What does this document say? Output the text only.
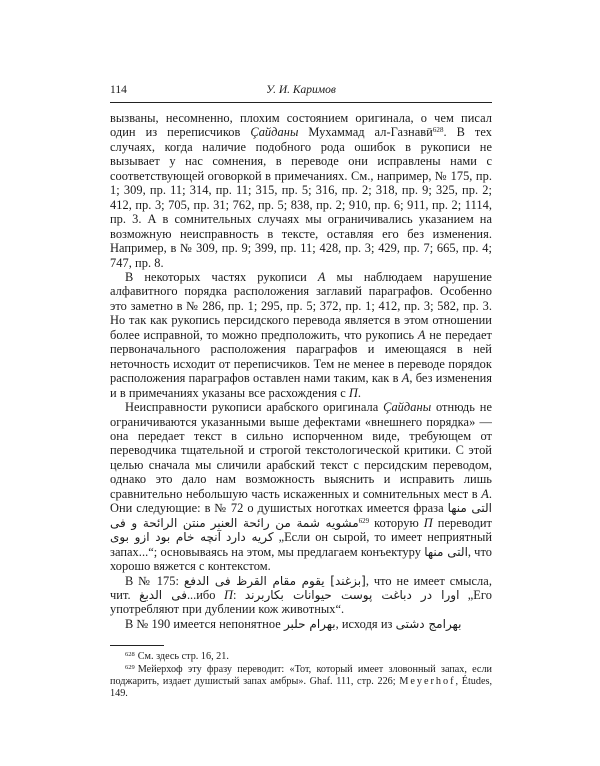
114	У. И. Каримов

вызваны, несомненно, плохим состоянием оригинала, о чем писал один из переписчиков Çайданы Мухаммад ал-Газнавӣ$^{628}$. В тех случаях, когда наличие подобного рода ошибок в рукописи не вызывает у нас сомнения, в переводе они исправлены нами с соответствующей оговоркой в примечаниях. См., например, № 175, пр. 1; 309, пр. 11; 314, пр. 11; 315, пр. 5; 316, пр. 2; 318, пр. 9; 325, пр. 2; 412, пр. 3; 705, пр. 31; 762, пр. 5; 838, пр. 2; 910, пр. 6; 911, пр. 2; 1114, пр. 3. А в сомнительных случаях мы ограничивались указанием на возможную неисправность в тексте, оставляя его без изменения. Например, в № 309, пр. 9; 399, пр. 11; 428, пр. 3; 429, пр. 7; 665, пр. 4; 747, пр. 8.

В некоторых частях рукописи А мы наблюдаем нарушение алфавитного порядка расположения заглавий параграфов. Особенно это заметно в № 286, пр. 1; 295, пр. 5; 372, пр. 1; 412, пр. 3; 582, пр. 3. Но так как рукопись персидского перевода является в этом отношении более исправной, то можно предположить, что рукопись А не передает первоначального расположения параграфов и имеющаяся в ней неточность исходит от переписчиков. Тем не менее в переводе порядок расположения параграфов оставлен нами таким, как в А, без изменения и в примечаниях указаны все расхождения с П.

Неисправности рукописи арабского оригинала Çайданы отнюдь не ограничиваются указанными выше дефектами «внешнего порядка» — она передает текст в сильно испорченном виде, требующем от переводчика тщательной и строгой текстологической критики. С этой целью сначала мы сличили арабский текст с персидским переводом, однако это дало нам возможность выяснить и исправить лишь сравнительно небольшую часть искаженных и сомнительных мест в А. Они следующие: в № 72 о душистых ноготках имеется фраза التى منها منتن الرائحة و فى مشويه شمة من رائحة العنبر$^{629}$ которую П переводит آنچه خام بود ازو بوی كريه دارد „Если он сырой, то имеет неприятный запах...“; основываясь на этом, мы предлагаем конъектуру التى منها, что хорошо вяжется с контекстом.

В № 175: [بزغند] يقوم مقام القرظ فى الدفع, что не имеет смысла, чит. فى الدبغ...ибо П: اورا در دباغت پوست حيوانات بكاربرند „Его употребляют при дублении кож животных“.

В № 190 имеется непонятное بهرام حلبر, исходя из بهرامج دشتى

$^{628}$ См. здесь стр. 16, 21.

$^{629}$ Мейерхоф эту фразу переводит: «Тот, который имеет зловонный запах, если поджарить, издает душистый запах амбры». Ghaf. 111, стр. 226; Meyerhof, Études, 149.
